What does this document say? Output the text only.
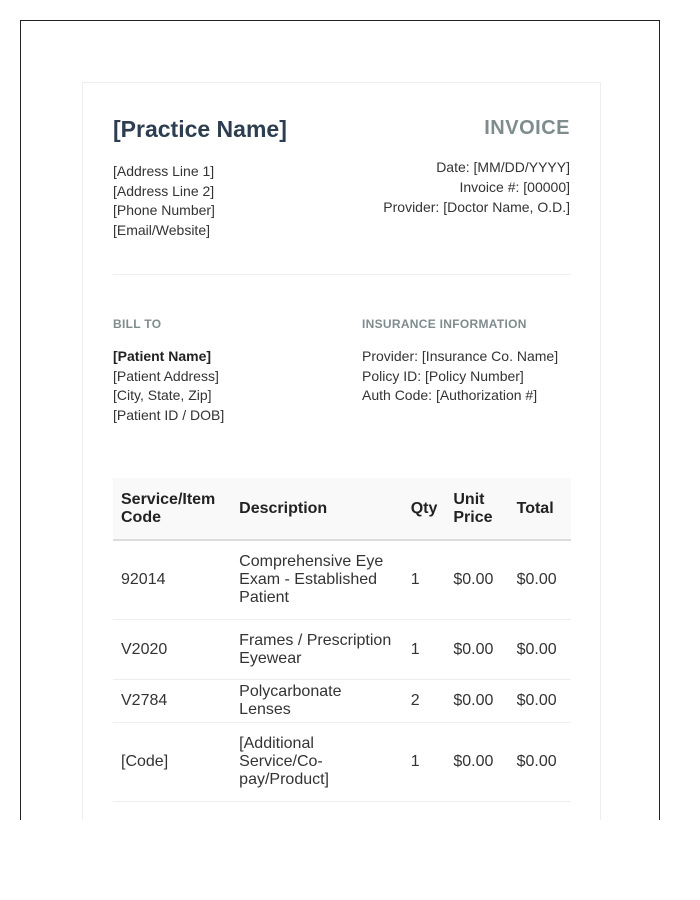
[Practice Name]	INVOICE
[Address Line 1]
[Address Line 2]
[Phone Number]
[Email/Website]
Date: [MM/DD/YYYY]
Invoice #: [00000]
Provider: [Doctor Name, O.D.]
BILL TO	INSURANCE INFORMATION
[Patient Name]
[Patient Address]
[City, State, Zip]
[Patient ID / DOB]
Provider: [Insurance Co. Name]
Policy ID: [Policy Number]
Auth Code: [Authorization #]
Service/Item Code	Description	Qty	Unit Price	Total
92014	Comprehensive Eye Exam - Established Patient	1	$0.00	$0.00
V2020	Frames / Prescription Eyewear	1	$0.00	$0.00
V2784	Polycarbonate Lenses	2	$0.00	$0.00
[Code]	[Additional Service/Co-pay/Product]	1	$0.00	$0.00
